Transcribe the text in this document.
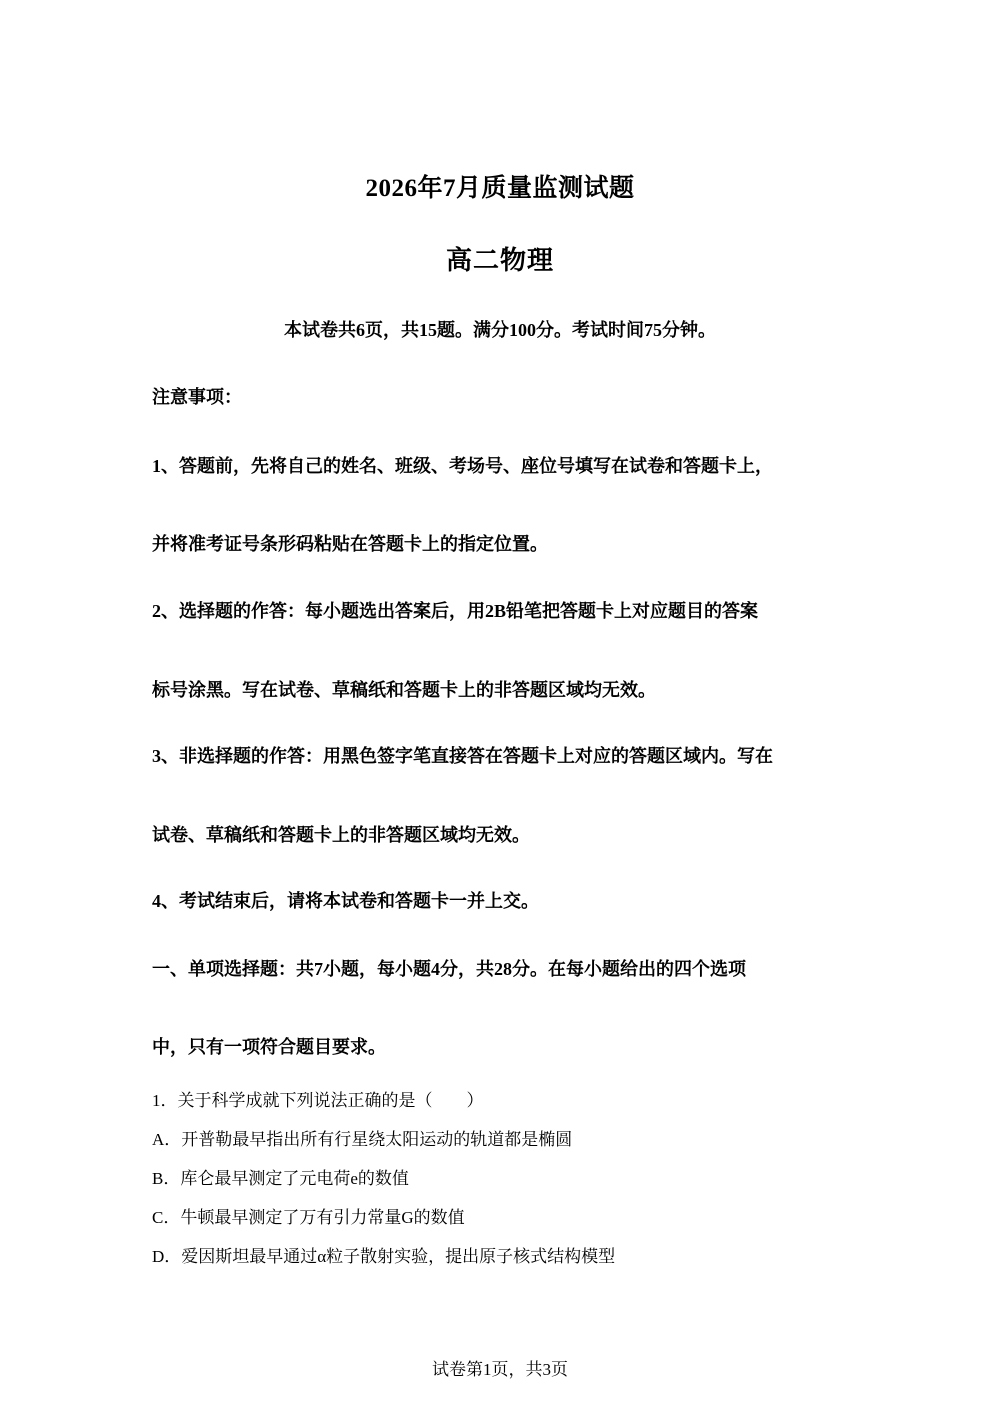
2026年7月质量监测试题
高二物理
本试卷共6页，共15题。满分100分。考试时间75分钟。
注意事项：
1、答题前，先将自己的姓名、班级、考场号、座位号填写在试卷和答题卡上，
并将准考证号条形码粘贴在答题卡上的指定位置。
2、选择题的作答：每小题选出答案后，用2B铅笔把答题卡上对应题目的答案
标号涂黑。写在试卷、草稿纸和答题卡上的非答题区域均无效。
3、非选择题的作答：用黑色签字笔直接答在答题卡上对应的答题区域内。写在
试卷、草稿纸和答题卡上的非答题区域均无效。
4、考试结束后，请将本试卷和答题卡一并上交。
一、单项选择题：共7小题，每小题4分，共28分。在每小题给出的四个选项
中，只有一项符合题目要求。
1．关于科学成就下列说法正确的是（　　）
A．开普勒最早指出所有行星绕太阳运动的轨道都是椭圆
B．库仑最早测定了元电荷e的数值
C．牛顿最早测定了万有引力常量G的数值
D．爱因斯坦最早通过α粒子散射实验，提出原子核式结构模型
试卷第1页，共3页
